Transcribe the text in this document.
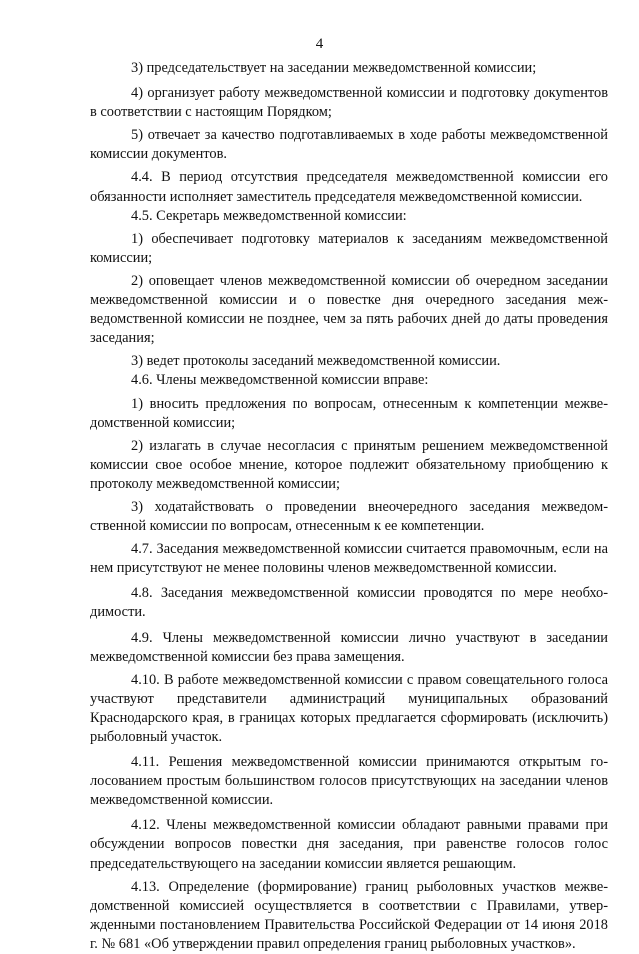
4

3) председательствует на заседании межведомственной комиссии;

4) организует работу межведомственной комиссии и подготовку докуmентов в соответствии с настоящим Порядком;

5) отвечает за качество подготавливаемых в ходе работы межведомственной комиссии документов.

4.4. В период отсутствия председателя межведомственной комиссии его обязанности исполняет заместитель председателя межведомственной комиссии.

4.5. Секретарь межведомственной комиссии:

1) обеспечивает подготовку материалов к заседаниям межведомственной комиссии;

2) оповещает членов межведомственной комиссии об очередном заседании межведомственной комиссии и о повестке дня очередного заседания межведомственной комиссии не позднее, чем за пять рабочих дней до даты проведения заседания;

3) ведет протоколы заседаний межведомственной комиссии.

4.6. Члены межведомственной комиссии вправе:

1) вносить предложения по вопросам, отнесенным к компетенции межведомственной комиссии;

2) излагать в случае несогласия с принятым решением межведомственной комиссии свое особое мнение, которое подлежит обязательному приобщению к протоколу межведомственной комиссии;

3) ходатайствовать о проведении внеочередного заседания межведомственной комиссии по вопросам, отнесенным к ее компетенции.

4.7. Заседания межведомственной комиссии считается правомочным, если на нем присутствуют не менее половины членов межведомственной комиссии.

4.8. Заседания межведомственной комиссии проводятся по мере необходимости.

4.9. Члены межведомственной комиссии лично участвуют в заседании межведомственной комиссии без права замещения.

4.10. В работе межведомственной комиссии с правом совещательного голоса участвуют представители администраций муниципальных образований Краснодарского края, в границах которых предлагается сформировать (исключить) рыболовный участок.

4.11. Решения межведомственной комиссии принимаются открытым голосованием простым большинством голосов присутствующих на заседании членов межведомственной комиссии.

4.12. Члены межведомственной комиссии обладают равными правами при обсуждении вопросов повестки дня заседания, при равенстве голосов голос председательствующего на заседании комиссии является решающим.

4.13. Определение (формирование) границ рыболовных участков межведомственной комиссией осуществляется в соответствии с Правилами, утвержденными постановлением Правительства Российской Федерации от 14 июня 2018 г. № 681 «Об утверждении правил определения границ рыболовных участков».
